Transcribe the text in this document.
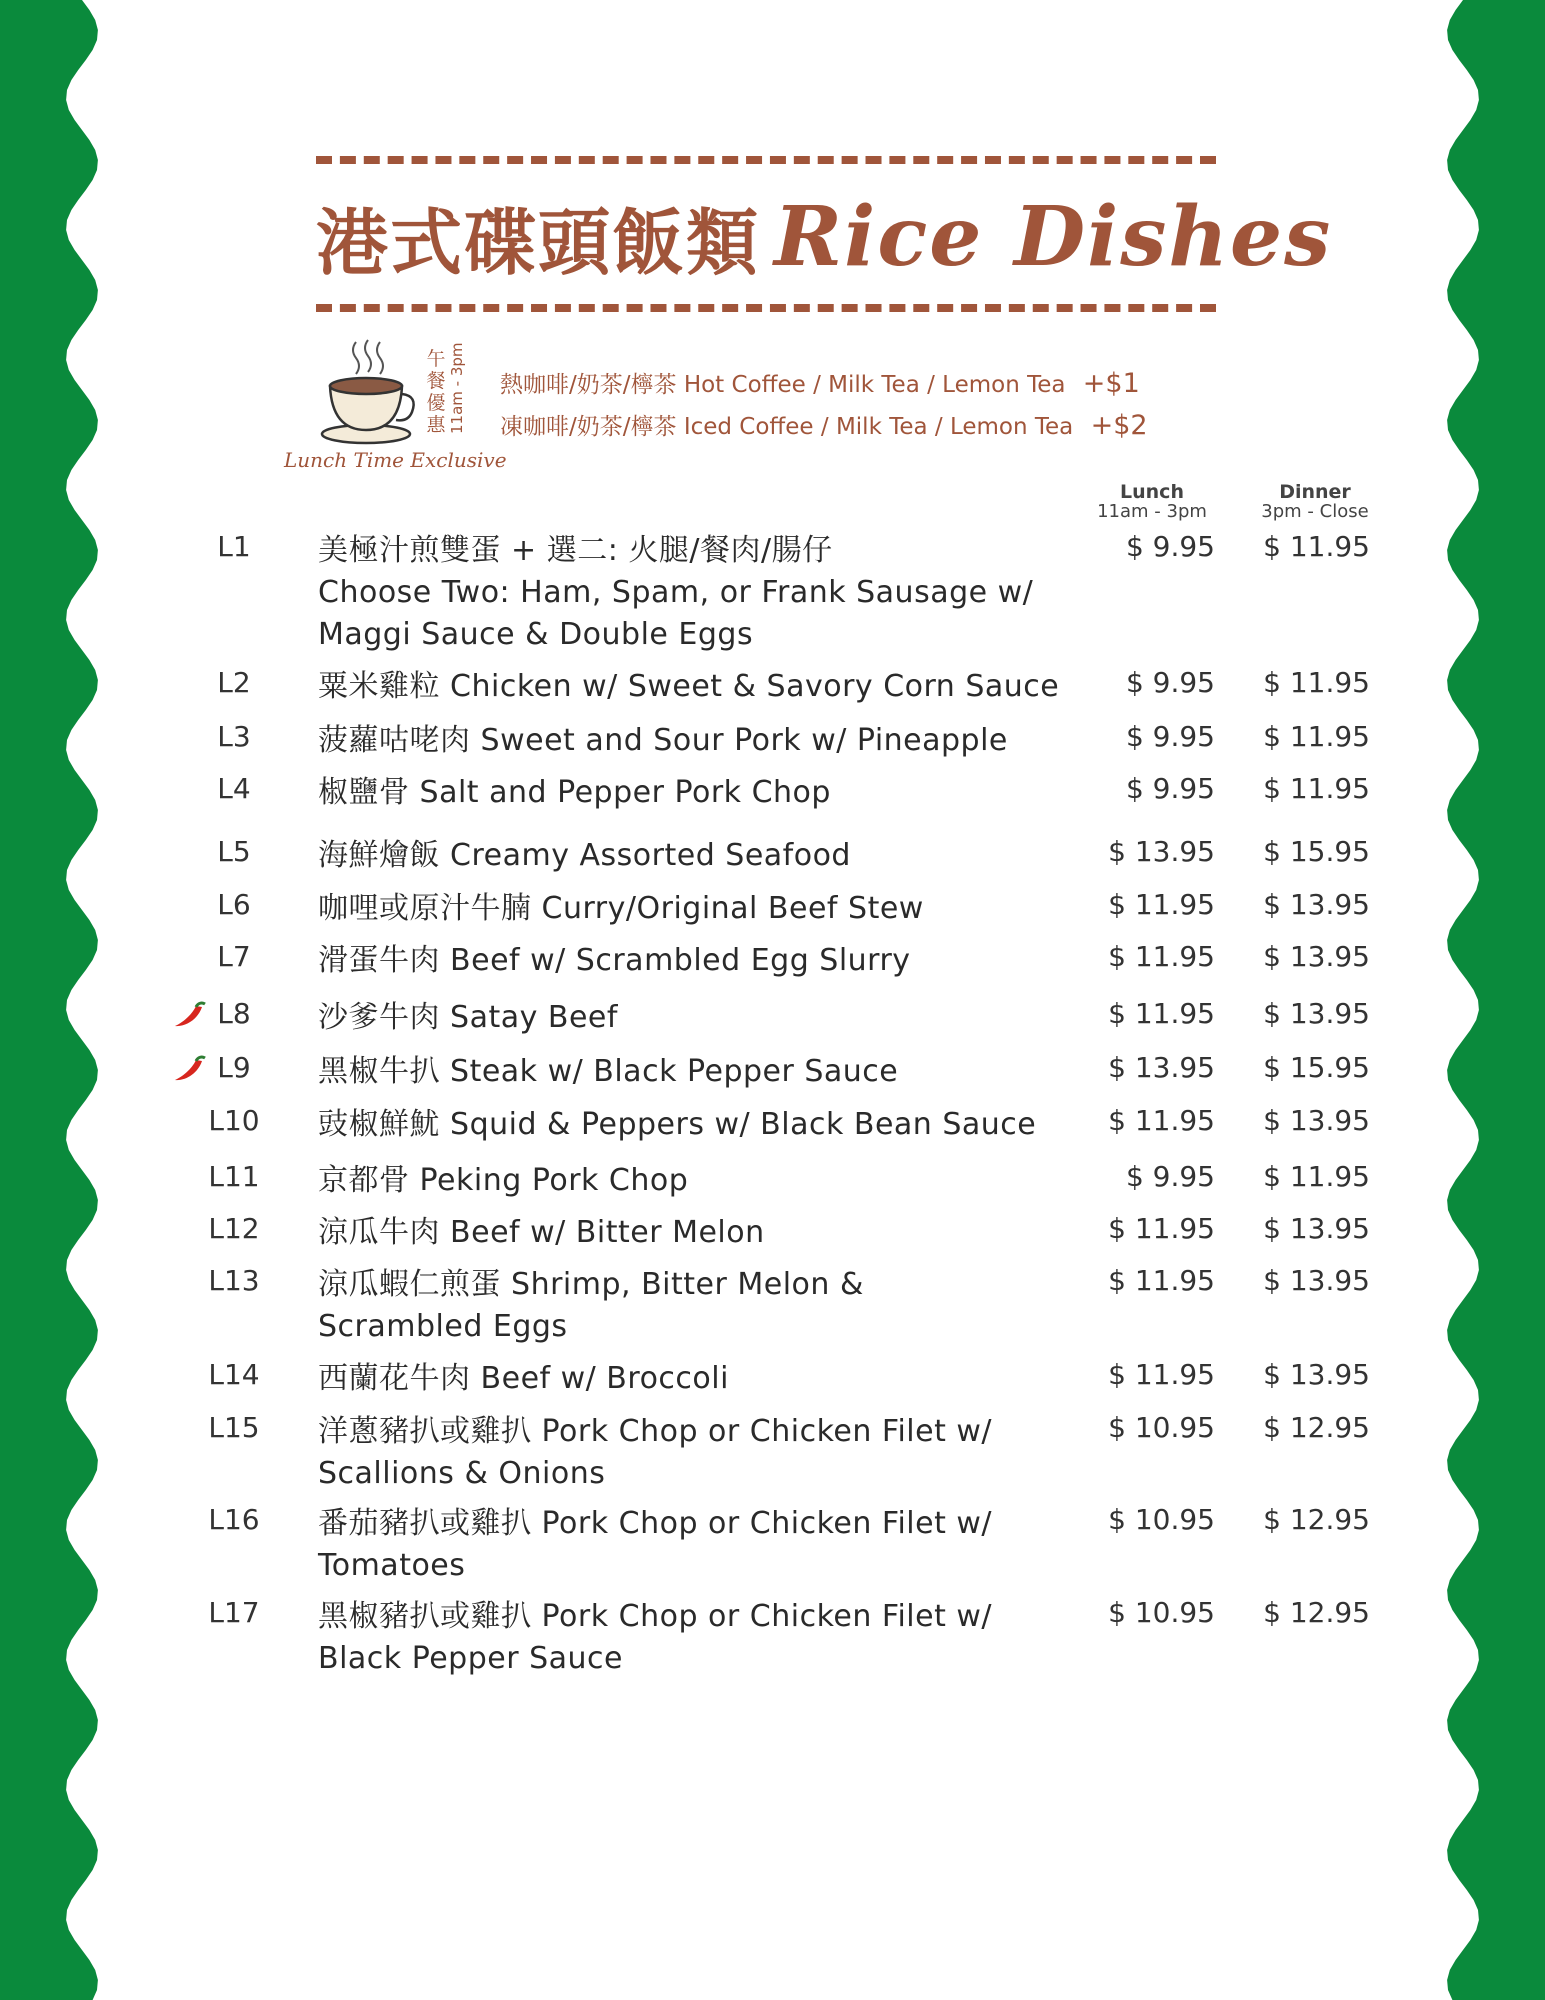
港式碟頭飯類 Rice Dishes
午
餐
優
惠 11am - 3pm
Lunch Time Exclusive
熱咖啡/奶茶/檸茶 Hot Coffee / Milk Tea / Lemon Tea +$1
凍咖啡/奶茶/檸茶 Iced Coffee / Milk Tea / Lemon Tea +$2
Lunch
11am - 3pm
Dinner
3pm - Close
L1	美極汁煎雙蛋 + 選二: 火腿/餐肉/腸仔
Choose Two: Ham, Spam, or Frank Sausage w/
Maggi Sauce & Double Eggs
$ 9.95	$ 11.95
L2	粟米雞粒 Chicken w/ Sweet & Savory Corn Sauce	$ 9.95	$ 11.95
L3	菠蘿咕咾肉 Sweet and Sour Pork w/ Pineapple	$ 9.95	$ 11.95
L4	椒鹽骨 Salt and Pepper Pork Chop	$ 9.95	$ 11.95
L5	海鮮燴飯 Creamy Assorted Seafood	$ 13.95	$ 15.95
L6	咖哩或原汁牛腩 Curry/Original Beef Stew	$ 11.95	$ 13.95
L7	滑蛋牛肉 Beef w/ Scrambled Egg Slurry	$ 11.95	$ 13.95
L8	沙爹牛肉 Satay Beef	$ 11.95	$ 13.95
L9	黑椒牛扒 Steak w/ Black Pepper Sauce	$ 13.95	$ 15.95
L10	豉椒鮮魷 Squid & Peppers w/ Black Bean Sauce	$ 11.95	$ 13.95
L11	京都骨 Peking Pork Chop	$ 9.95	$ 11.95
L12	涼瓜牛肉 Beef w/ Bitter Melon	$ 11.95	$ 13.95
L13	涼瓜蝦仁煎蛋 Shrimp, Bitter Melon &
Scrambled Eggs
$ 11.95	$ 13.95
L14	西蘭花牛肉 Beef w/ Broccoli	$ 11.95	$ 13.95
L15	洋蔥豬扒或雞扒 Pork Chop or Chicken Filet w/
Scallions & Onions
$ 10.95	$ 12.95
L16	番茄豬扒或雞扒 Pork Chop or Chicken Filet w/
Tomatoes
$ 10.95	$ 12.95
L17	黑椒豬扒或雞扒 Pork Chop or Chicken Filet w/
Black Pepper Sauce
$ 10.95	$ 12.95
